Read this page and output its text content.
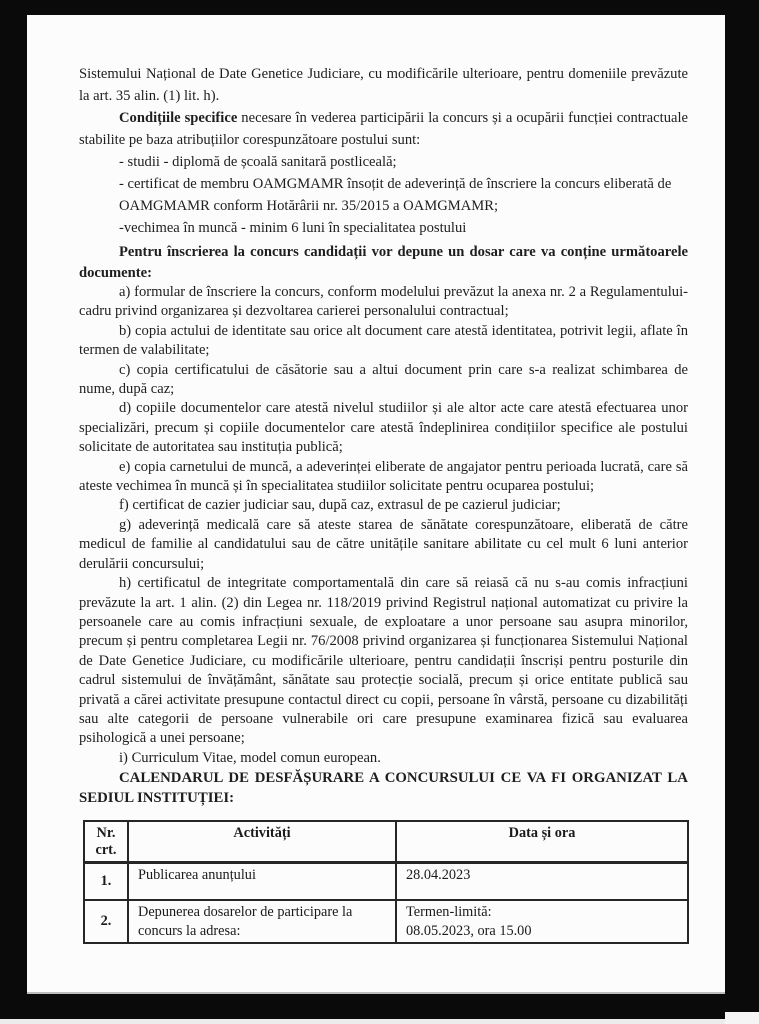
Sistemului Național de Date Genetice Judiciare, cu modificările ulterioare, pentru domeniile prevăzute la art. 35 alin. (1) lit. h).

Condițiile specifice necesare în vederea participării la concurs și a ocupării funcției contractuale stabilite pe baza atribuțiilor corespunzătoare postului sunt:

- studii - diplomă de școală sanitară postliceală;

- certificat de membru OAMGMAMR însoțit de adeverință de înscriere la concurs eliberată de OAMGMAMR conform Hotărârii nr. 35/2015 a OAMGMAMR;

-vechimea în muncă - minim 6 luni în specialitatea postului

Pentru înscrierea la concurs candidații vor depune un dosar care va conține următoarele documente:

a) formular de înscriere la concurs, conform modelului prevăzut la anexa nr. 2 a Regulamentului-cadru privind organizarea și dezvoltarea carierei personalului contractual;

b) copia actului de identitate sau orice alt document care atestă identitatea, potrivit legii, aflate în termen de valabilitate;

c) copia certificatului de căsătorie sau a altui document prin care s-a realizat schimbarea de nume, după caz;

d) copiile documentelor care atestă nivelul studiilor și ale altor acte care atestă efectuarea unor specializări, precum și copiile documentelor care atestă îndeplinirea condițiilor specifice ale postului solicitate de autoritatea sau instituția publică;

e) copia carnetului de muncă, a adeverinței eliberate de angajator pentru perioada lucrată, care să ateste vechimea în muncă și în specialitatea studiilor solicitate pentru ocuparea postului;

f) certificat de cazier judiciar sau, după caz, extrasul de pe cazierul judiciar;

g) adeverință medicală care să ateste starea de sănătate corespunzătoare, eliberată de către medicul de familie al candidatului sau de către unitățile sanitare abilitate cu cel mult 6 luni anterior derulării concursului;

h) certificatul de integritate comportamentală din care să reiasă că nu s-au comis infracțiuni prevăzute la art. 1 alin. (2) din Legea nr. 118/2019 privind Registrul național automatizat cu privire la persoanele care au comis infracțiuni sexuale, de exploatare a unor persoane sau asupra minorilor, precum și pentru completarea Legii nr. 76/2008 privind organizarea și funcționarea Sistemului Național de Date Genetice Judiciare, cu modificările ulterioare, pentru candidații înscriși pentru posturile din cadrul sistemului de învățământ, sănătate sau protecție socială, precum și orice entitate publică sau privată a cărei activitate presupune contactul direct cu copii, persoane în vârstă, persoane cu dizabilități sau alte categorii de persoane vulnerabile ori care presupune examinarea fizică sau evaluarea psihologică a unei persoane;

i) Curriculum Vitae, model comun european.

CALENDARUL DE DESFĂȘURARE A CONCURSULUI CE VA FI ORGANIZAT LA
SEDIUL INSTITUȚIEI:

Nr.
crt.	Activități	Data și ora
1.	Publicarea anunțului	28.04.2023
2.	Depunerea dosarelor de participare la concurs la adresa:	Termen-limită:
08.05.2023, ora 15.00
